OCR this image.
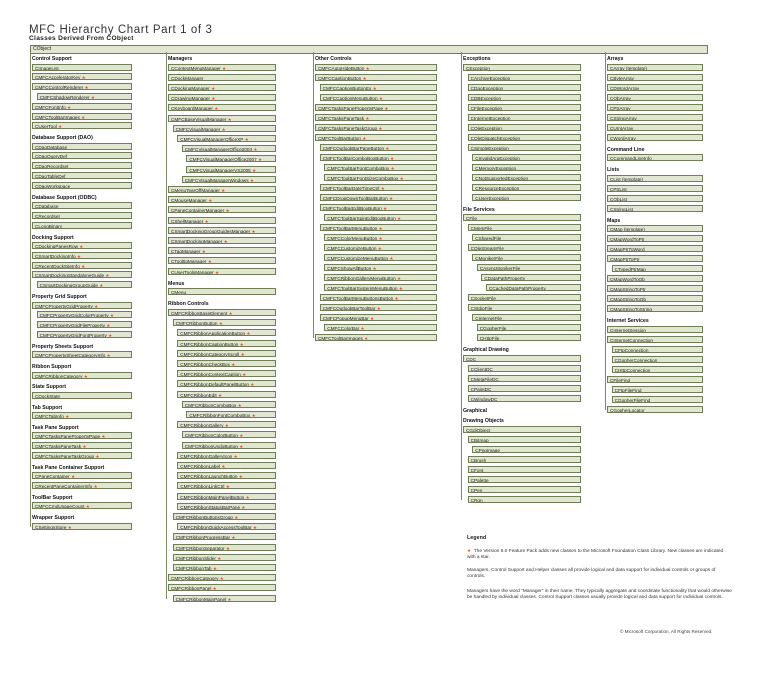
MFC Hierarchy Chart Part 1 of 3
Classes Derived From CObject
CObject
Control Support
CImageList
CMFCAcceleratorKey ★
CMFCControlRenderer ★
CMFCShadowRenderer ★
CMFCFontInfo ★
CMFCToolBarImages ★
CUserTool ★
Database Support (DAO)
CDaoDatabase
CDaoQueryDef
CDaoRecordset
CDaoTableDef
CDaoWorkspace
Database Support (ODBC)
CDatabase
CRecordset
CLongBinary
Docking Support
CDockingPanesRow ★
CSmartDockingInfo ★
CRecentDockSiteInfo ★
CSmartDockingStandaloneGuide ★
CSmartDockingGroupGuide ★
Property Grid Support
CMFCPropertyGridProperty ★
CMFCPropertyGridColorProperty ★
CMFCPropertyGridFileProperty ★
CMFCPropertyGridFontProperty ★
Property Sheets Support
CMFCPropertySheetCategoryInfo ★
Ribbon Support
CMFCRibbonCategory ★
State Support
CDockState
Tab Support
CMFCTabInfo ★
Task Pane Support
CMFCTasksPanePropertyPage ★
CMFCTasksPaneTask ★
CMFCTasksPaneTaskGroup ★
Task Pane Container Support
CPaneContainer ★
CRecentPaneContainerInfo ★
ToolBar Support
CMFCCmdUsageCount ★
Wrapper Support
CSettingsStore ★
Managers
CContextMenuManager ★
CDockManager
CDockingManager ★
CDrawingManager ★
CKeyboardManager ★
CMFCBaseVisualManager ★
CMFCVisualManager ★
CMFCVisualManagerOfficeXP ★
CMFCVisualManagerOffice2003 ★
CMFCVisualManagerOffice2007 ★
CMFCVisualManagerVS2005 ★
CMFCVisualManagerWindows ★
CMenuTearOffManager ★
CMouseManager ★
CPaneContainerManager ★
CShellManager ★
CSmartDockingGroupGuidesManager ★
CSmartDockingManager ★
CTagManager ★
CTooltipManager ★
CUserToolsManager ★
Menus
CMenu
Ribbon Controls
CMFCRibbonBaseElement ★
CMFCRibbonButton ★
CMFCRibbonApplicationButton ★
CMFCRibbonCaptionButton ★
CMFCRibbonCategoryScroll ★
CMFCRibbonCheckBox ★
CMFCRibbonContextCaption ★
CMFCRibbonDefaultPanelButton ★
CMFCRibbonEdit ★
CMFCRibbonComboBox ★
CMFCRibbonFontComboBox ★
CMFCRibbonGallery ★
CMFCRibbonColorButton ★
CMFCRibbonUndoButton ★
CMFCRibbonGalleryIcon ★
CMFCRibbonLabel ★
CMFCRibbonLaunchButton ★
CMFCRibbonLinkCtrl ★
CMFCRibbonMainPanelButton ★
CMFCRibbonStatusBarPane ★
CMFCRibbonButtonsGroup ★
CMFCRibbonQuickAccessToolBar ★
CMFCRibbonProgressBar ★
CMFCRibbonSeparator ★
CMFCRibbonSlider ★
CMFCRibbonTab ★
CMFCRibbonCategory ★
CMFCRibbonPanel ★
CMFCRibbonMainPanel ★
Other Controls
CMFCAutoHideButton ★
CMFCCaptionButton ★
CMFCCaptionButtonEx ★
CMFCCaptionMenuButton ★
CMFCTasksPanePropertyPage ★
CMFCTasksPaneTask ★
CMFCTasksPaneTaskGroup ★
CMFCToolBarButton ★
CMFCOutlookBarPaneButton ★
CMFCToolBarComboBoxButton ★
CMFCToolBarFontComboBox ★
CMFCToolBarFontSizeComboBox ★
CMFCToolBarDateTimeCtrl ★
CMFCDropDownToolBarButton ★
CMFCToolBarEditBoxButton ★
CMFCToolBarSpinEditBoxButton ★
CMFCToolBarMenuButton ★
CMFCColorMenuButton ★
CMFCCustomizeButton ★
CMFCCustomizeMenuButton ★
CMFCShowAllButton ★
CMFCRibbonGalleryMenuButton ★
CMFCToolBarSystemMenuButton ★
CMFCToolBarMenuButtonsButton ★
CMFCOutlookBarToolBar ★
CMFCPopupMenuBar ★
CMFCColorBar ★
CMFCToolBarImages ★
Exceptions
CException
CArchiveException
CDaoException
CDBException
CFileException
CInternetException
COleException
COleDispatchException
CSimpleException
CInvalidArgException
CMemoryException
CNotSupportedException
CResourceException
CUserException
File Services
CFile
CMemFile
CSharedFile
COleStreamFile
CMonikerFile
CAsyncMonikerFile
CDataPathProperty
CCachedDataPathProperty
CSocketFile
CStdioFile
CInternetFile
CGopherFile
CHttpFile
Graphical Drawing
CDC
CClientDC
CMetaFileDC
CPaintDC
CWindowDC
Graphical
Drawing Objects
CGdiObject
CBitmap
CPngImage
CBrush
CFont
CPalette
CPen
CRgn
Arrays
CArray (template)
CByteArray
CDWordArray
CObArray
CPtrArray
CStringArray
CUIntArray
CWordArray
Command Line
CCommandLineInfo
Lists
CList (template)
CPtrList
CObList
CStringList
Maps
CMap (template)
CMapWordToPtr
CMapPtrToWord
CMapPtrToPtr
CTypedPtrMap
CMapWordToOb
CMapStringToPtr
CMapStringToOb
CMapStringToString
Internet Services
CInternetSession
CInternetConnection
CFtpConnection
CGopherConnection
CHttpConnection
CFileFind
CFtpFileFind
CGopherFileFind
CGopherLocator
Legend
★ The Version 9.0 Feature Pack adds new classes to the Microsoft Foundation Class Library. New classes are indicated with a star.
Managers, Control Support and Helper classes all provide logical and data support for individual controls or groups of controls.
Managers have the word "Manager" in their name. They typically aggregate and coordinate functionality that would otherwise be handled by individual classes. Control Support classes usually provide logical and data support for individual controls.
© Microsoft Corporation. All Rights Reserved.
